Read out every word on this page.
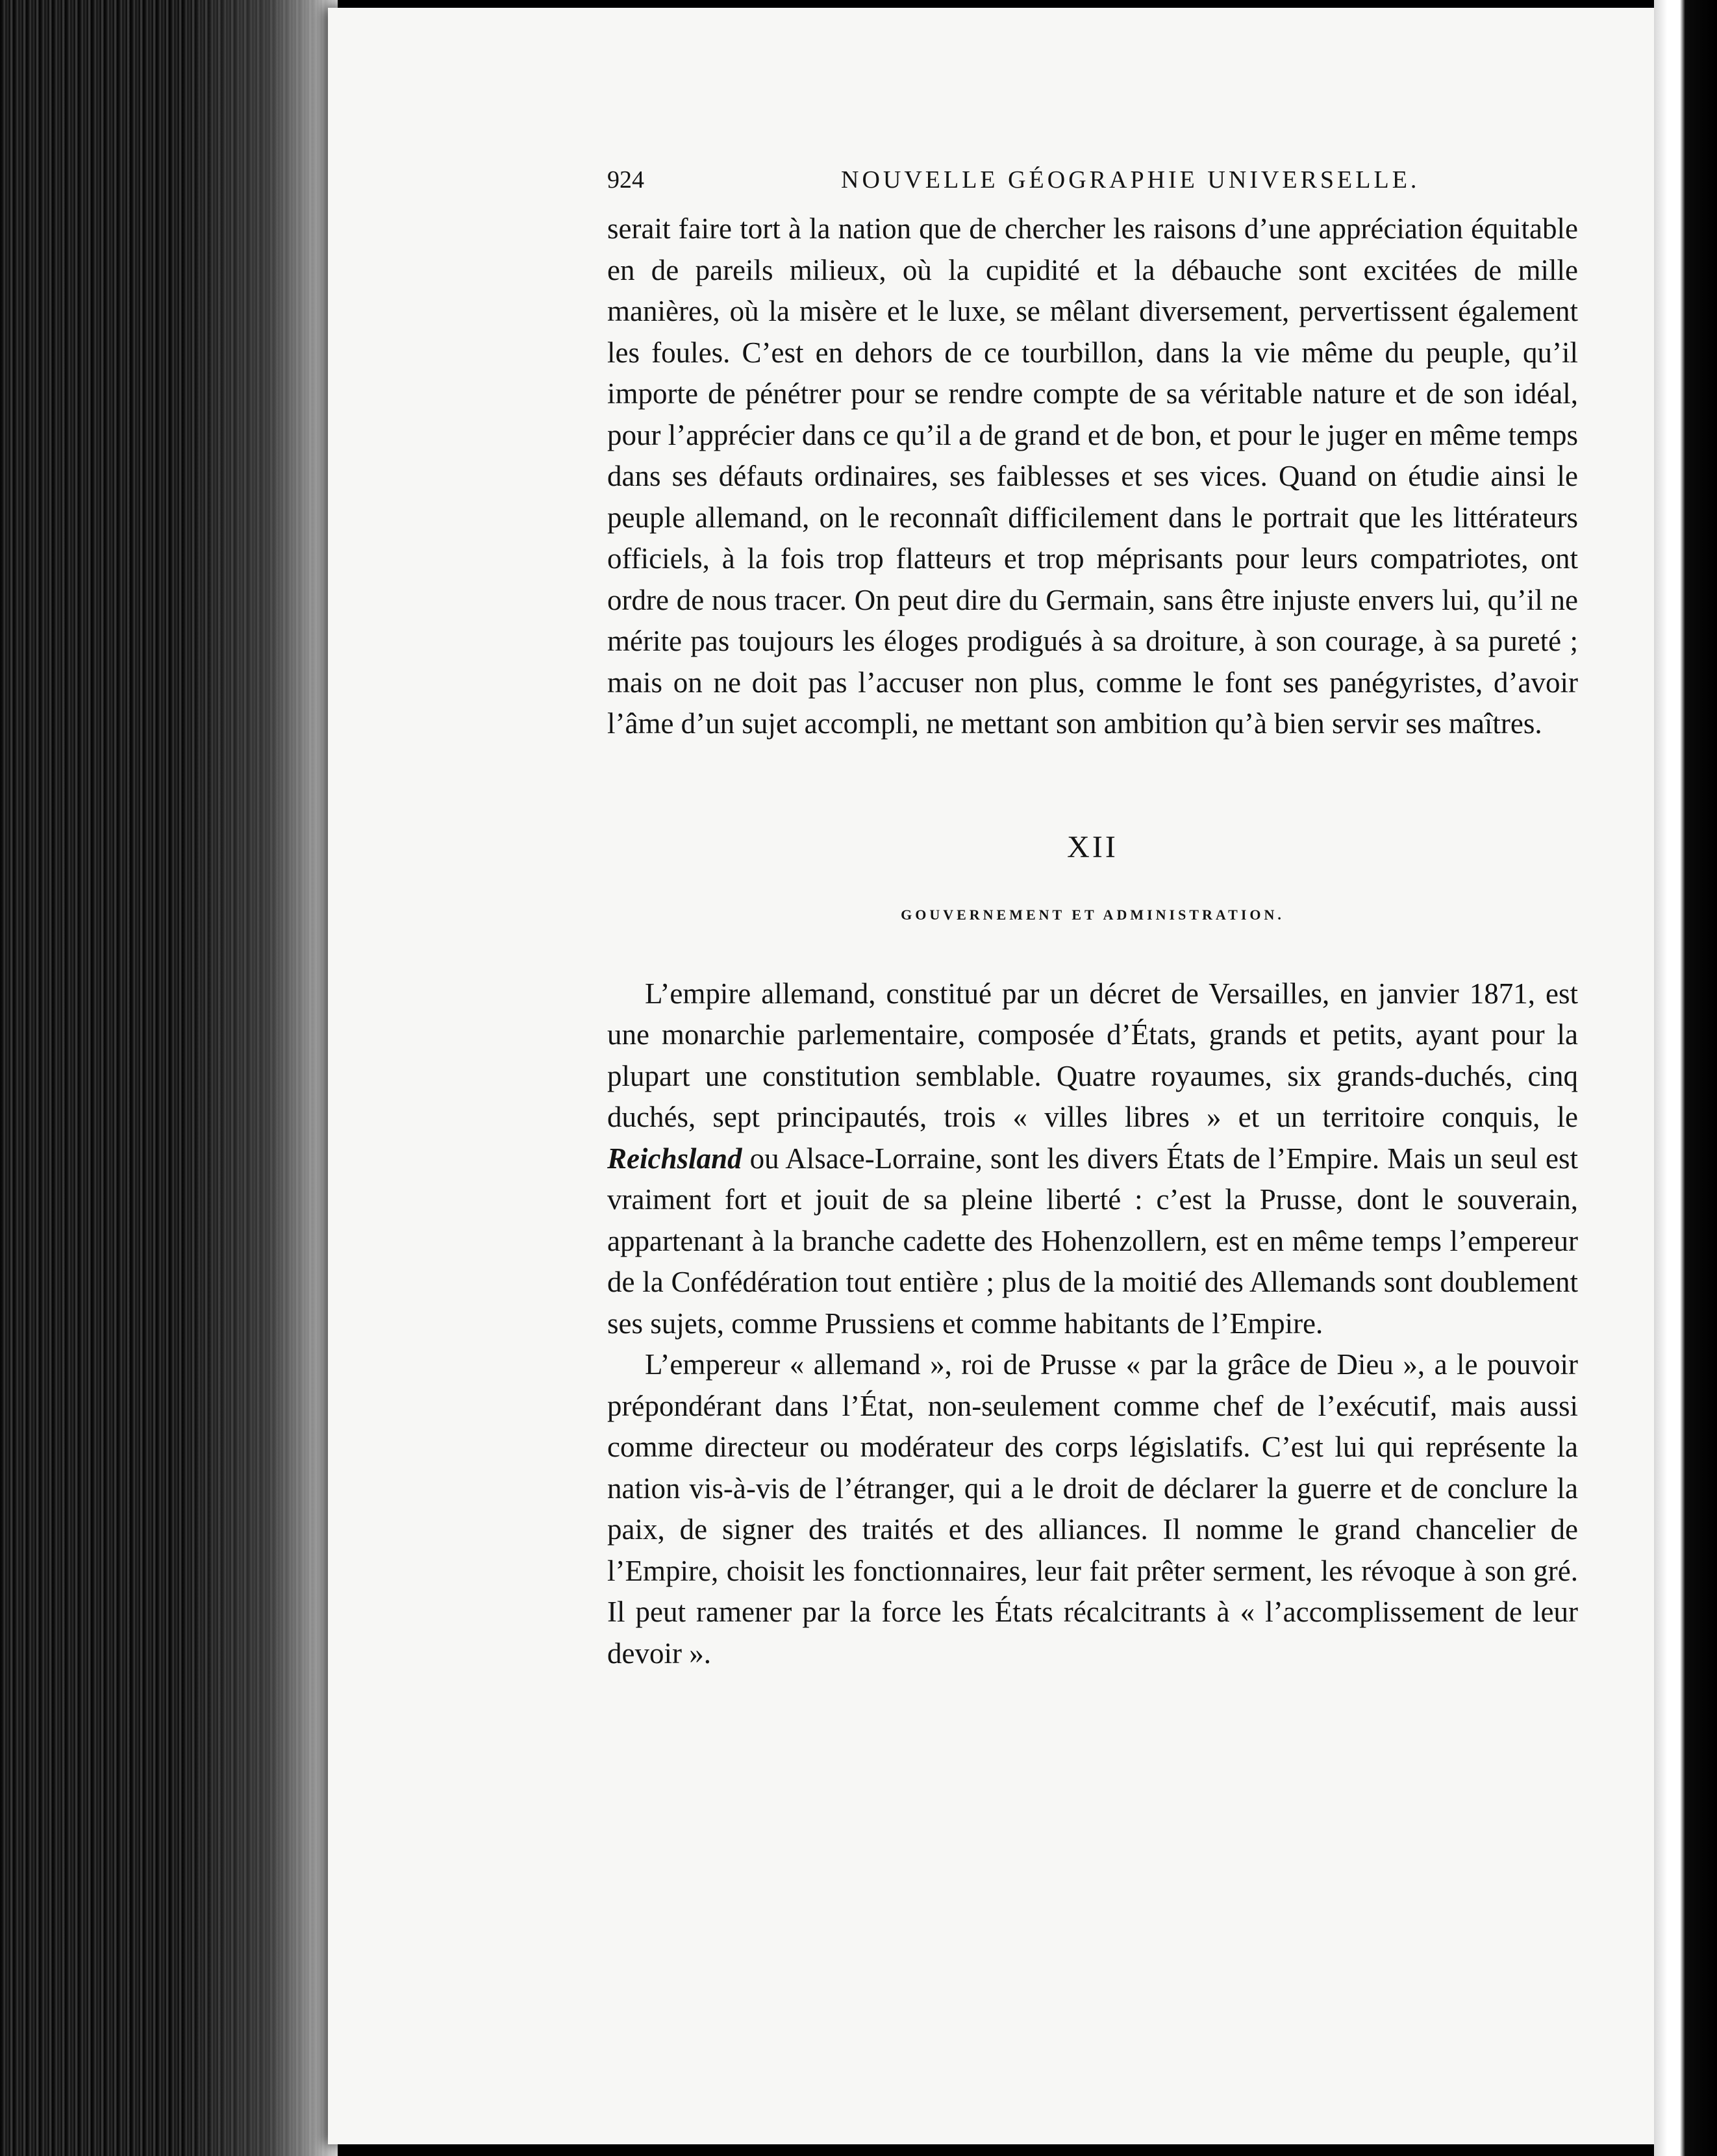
924	NOUVELLE GÉOGRAPHIE UNIVERSELLE.

serait faire tort à la nation que de chercher les raisons d’une appréciation équitable en de pareils milieux, où la cupidité et la débauche sont excitées de mille manières, où la misère et le luxe, se mêlant diversement, pervertissent également les foules. C’est en dehors de ce tourbillon, dans la vie même du peuple, qu’il importe de pénétrer pour se rendre compte de sa véritable nature et de son idéal, pour l’apprécier dans ce qu’il a de grand et de bon, et pour le juger en même temps dans ses défauts ordinaires, ses faiblesses et ses vices. Quand on étudie ainsi le peuple allemand, on le reconnaît difficilement dans le portrait que les littérateurs officiels, à la fois trop flatteurs et trop méprisants pour leurs compatriotes, ont ordre de nous tracer. On peut dire du Germain, sans être injuste envers lui, qu’il ne mérite pas toujours les éloges prodigués à sa droiture, à son courage, à sa pureté ; mais on ne doit pas l’accuser non plus, comme le font ses panégyristes, d’avoir l’âme d’un sujet accompli, ne mettant son ambition qu’à bien servir ses maîtres.

XII
GOUVERNEMENT ET ADMINISTRATION.

L’empire allemand, constitué par un décret de Versailles, en janvier 1871, est une monarchie parlementaire, composée d’États, grands et petits, ayant pour la plupart une constitution semblable. Quatre royaumes, six grands-duchés, cinq duchés, sept principautés, trois « villes libres » et un territoire conquis, le Reichsland ou Alsace-Lorraine, sont les divers États de l’Empire. Mais un seul est vraiment fort et jouit de sa pleine liberté : c’est la Prusse, dont le souverain, appartenant à la branche cadette des Hohenzollern, est en même temps l’empereur de la Confédération tout entière ; plus de la moitié des Allemands sont doublement ses sujets, comme Prussiens et comme habitants de l’Empire.

L’empereur « allemand », roi de Prusse « par la grâce de Dieu », a le pouvoir prépondérant dans l’État, non-seulement comme chef de l’exécutif, mais aussi comme directeur ou modérateur des corps législatifs. C’est lui qui représente la nation vis-à-vis de l’étranger, qui a le droit de déclarer la guerre et de conclure la paix, de signer des traités et des alliances. Il nomme le grand chancelier de l’Empire, choisit les fonctionnaires, leur fait prêter serment, les révoque à son gré. Il peut ramener par la force les États récalcitrants à « l’accomplissement de leur devoir ».
